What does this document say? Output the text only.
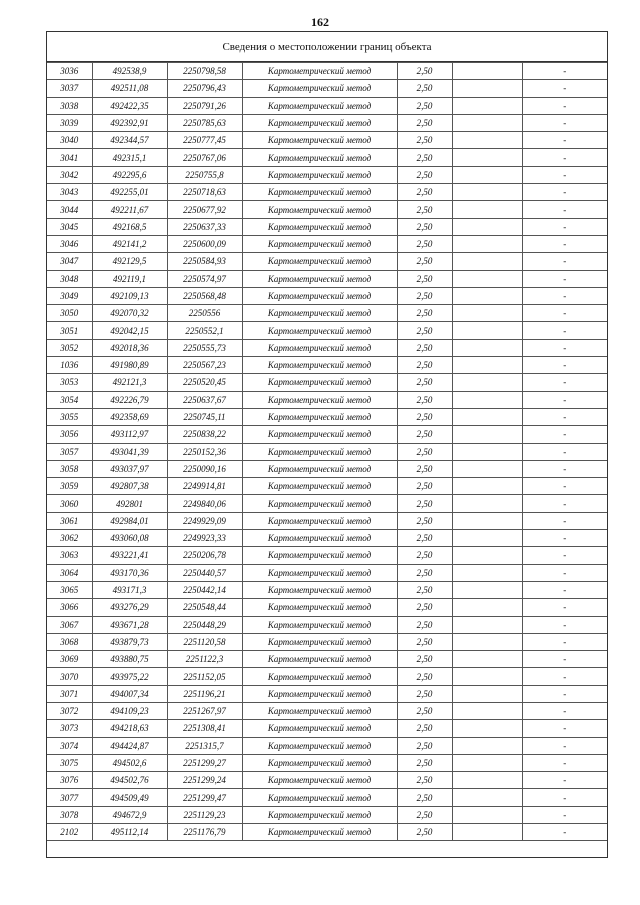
162
Сведения о местоположении границ объекта
3036	492538,9	2250798,58	Картометрический метод	2,50		-
3037	492511,08	2250796,43	Картометрический метод	2,50		-
3038	492422,35	2250791,26	Картометрический метод	2,50		-
3039	492392,91	2250785,63	Картометрический метод	2,50		-
3040	492344,57	2250777,45	Картометрический метод	2,50		-
3041	492315,1	2250767,06	Картометрический метод	2,50		-
3042	492295,6	2250755,8	Картометрический метод	2,50		-
3043	492255,01	2250718,63	Картометрический метод	2,50		-
3044	492211,67	2250677,92	Картометрический метод	2,50		-
3045	492168,5	2250637,33	Картометрический метод	2,50		-
3046	492141,2	2250600,09	Картометрический метод	2,50		-
3047	492129,5	2250584,93	Картометрический метод	2,50		-
3048	492119,1	2250574,97	Картометрический метод	2,50		-
3049	492109,13	2250568,48	Картометрический метод	2,50		-
3050	492070,32	2250556	Картометрический метод	2,50		-
3051	492042,15	2250552,1	Картометрический метод	2,50		-
3052	492018,36	2250555,73	Картометрический метод	2,50		-
1036	491980,89	2250567,23	Картометрический метод	2,50		-
3053	492121,3	2250520,45	Картометрический метод	2,50		-
3054	492226,79	2250637,67	Картометрический метод	2,50		-
3055	492358,69	2250745,11	Картометрический метод	2,50		-
3056	493112,97	2250838,22	Картометрический метод	2,50		-
3057	493041,39	2250152,36	Картометрический метод	2,50		-
3058	493037,97	2250090,16	Картометрический метод	2,50		-
3059	492807,38	2249914,81	Картометрический метод	2,50		-
3060	492801	2249840,06	Картометрический метод	2,50		-
3061	492984,01	2249929,09	Картометрический метод	2,50		-
3062	493060,08	2249923,33	Картометрический метод	2,50		-
3063	493221,41	2250206,78	Картометрический метод	2,50		-
3064	493170,36	2250440,57	Картометрический метод	2,50		-
3065	493171,3	2250442,14	Картометрический метод	2,50		-
3066	493276,29	2250548,44	Картометрический метод	2,50		-
3067	493671,28	2250448,29	Картометрический метод	2,50		-
3068	493879,73	2251120,58	Картометрический метод	2,50		-
3069	493880,75	2251122,3	Картометрический метод	2,50		-
3070	493975,22	2251152,05	Картометрический метод	2,50		-
3071	494007,34	2251196,21	Картометрический метод	2,50		-
3072	494109,23	2251267,97	Картометрический метод	2,50		-
3073	494218,63	2251308,41	Картометрический метод	2,50		-
3074	494424,87	2251315,7	Картометрический метод	2,50		-
3075	494502,6	2251299,27	Картометрический метод	2,50		-
3076	494502,76	2251299,24	Картометрический метод	2,50		-
3077	494509,49	2251299,47	Картометрический метод	2,50		-
3078	494672,9	2251129,23	Картометрический метод	2,50		-
2102	495112,14	2251176,79	Картометрический метод	2,50		-
